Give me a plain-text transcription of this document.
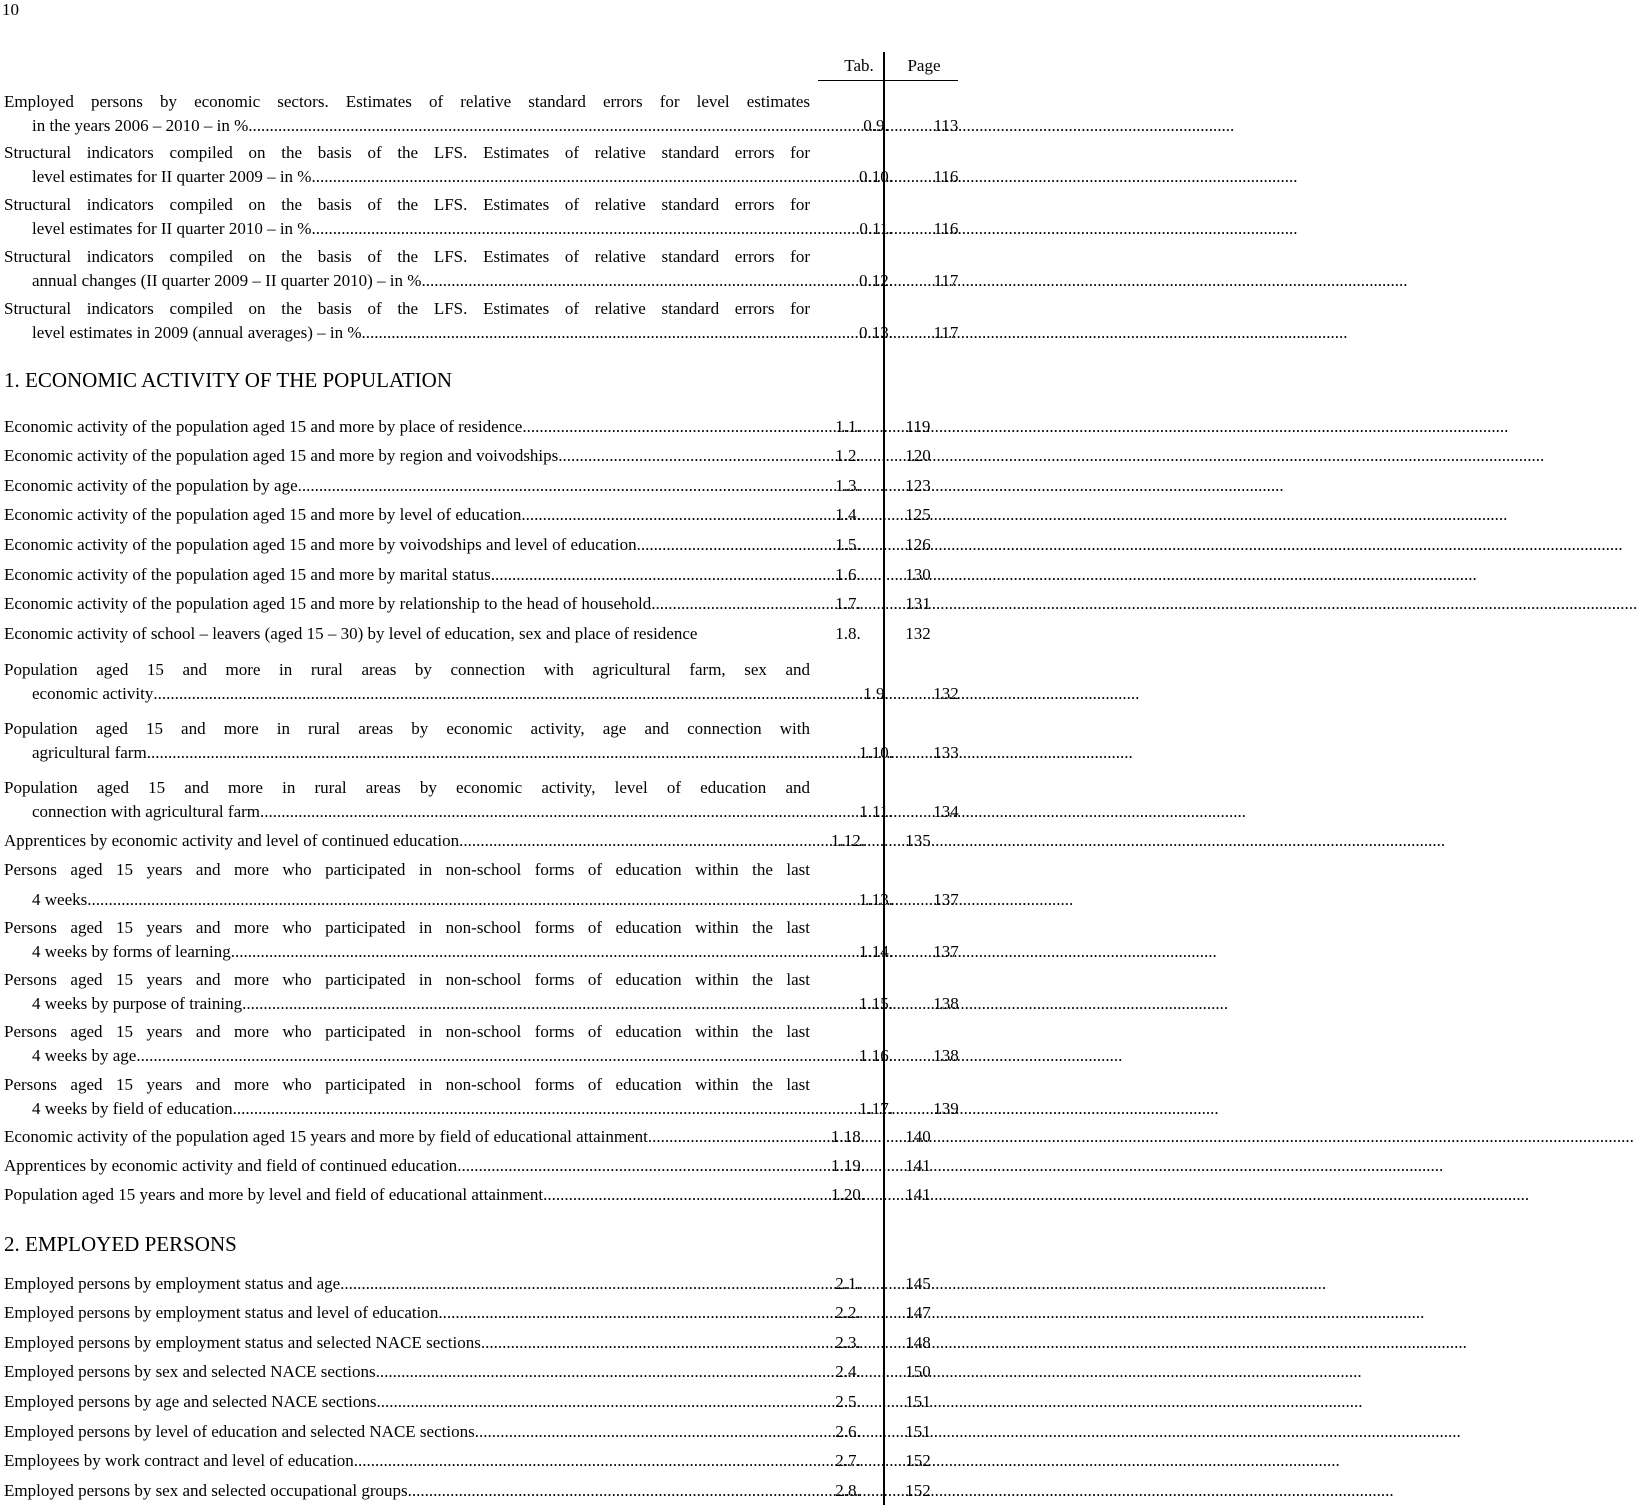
10
Tab.	Page
1. ECONOMIC ACTIVITY OF THE POPULATION
2. EMPLOYED PERSONS
Employed persons by economic sectors. Estimates of relative standard errors for level estimates
in the years 2006 – 2010 – in % .....	0.9.	113
Structural indicators compiled on the basis of the LFS. Estimates of relative standard errors for
level estimates for II quarter 2009 – in % .....	0.10.	116
Structural indicators compiled on the basis of the LFS. Estimates of relative standard errors for
level estimates for II quarter 2010 – in % .....	0.11.	116
Structural indicators compiled on the basis of the LFS. Estimates of relative standard errors for
annual changes (II quarter 2009 – II quarter 2010) – in % .....	0.12.	117
Structural indicators compiled on the basis of the LFS. Estimates of relative standard errors for
level estimates in 2009 (annual averages) – in % .....	0.13.	117
Economic activity of the population aged 15 and more by place of residence .....	1.1.	119
Economic activity of the population aged 15 and more by region and voivodships .....	1.2.	120
Economic activity of the population by age .....	1.3.	123
Economic activity of the population aged 15 and more by level of education .....	1.4.	125
Economic activity of the population aged 15 and more by voivodships and level of education .....	1.5.	126
Economic activity of the population aged 15 and more by marital status .....	1.6.	130
Economic activity of the population aged 15 and more by relationship to the head of household .....	1.7.	131
Economic activity of school – leavers (aged 15 – 30) by level of education, sex and place of residence	1.8.	132
Population aged 15 and more in rural areas by connection with agricultural farm, sex and
economic activity .....	1.9.	132
Population aged 15 and more in rural areas by economic activity, age and connection with
agricultural farm .....	1.10.	133
Population aged 15 and more in rural areas by economic activity, level of education and
connection with agricultural farm .....	1.11.	134
Apprentices by economic activity and level of continued education .....	1.12.	135
Persons aged 15 years and more who participated in non-school forms of education within the last
4 weeks .....	1.13.	137
Persons aged 15 years and more who participated in non-school forms of education within the last
4 weeks by forms of learning .....	1.14.	137
Persons aged 15 years and more who participated in non-school forms of education within the last
4 weeks by purpose of training .....	1.15.	138
Persons aged 15 years and more who participated in non-school forms of education within the last
4 weeks by age .....	1.16.	138
Persons aged 15 years and more who participated in non-school forms of education within the last
4 weeks by field of education .....	1.17.	139
Economic activity of the population aged 15 years and more by field of educational attainment .....	1.18.	140
Apprentices by economic activity and field of continued education .....	1.19.	141
Population aged 15 years and more by level and field of educational attainment .....	1.20.	141
Employed persons by employment status and age .....	2.1.	145
Employed persons by employment status and level of education .....	2.2.	147
Employed persons by employment status and selected NACE sections .....	2.3.	148
Employed persons by sex and selected NACE sections .....	2.4.	150
Employed persons by age and selected NACE sections .....	2.5.	151
Employed persons by level of education and selected NACE sections .....	2.6.	151
Employees by work contract and level of education .....	2.7.	152
Employed persons by sex and selected occupational groups .....	2.8.	152
